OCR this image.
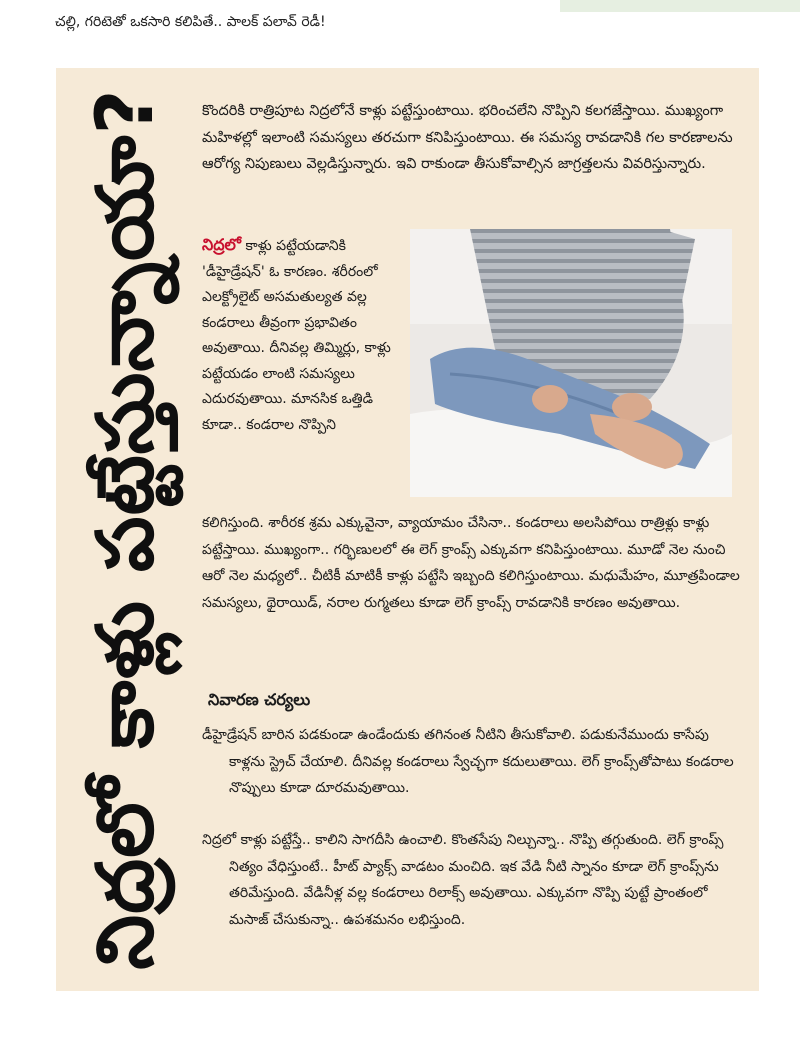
చల్లి, గరిటెతో ఒకసారి కలిపితే.. పాలక్ పలావ్ రెడీ!

నిద్రలో కాళ్లు పట్టేస్తున్నాయా? కొందరికి రాత్రిపూట నిద్రలోనే కాళ్లు పట్టేస్తుంటాయి. భరించలేని నొప్పిని కలగజేస్తాయి. ముఖ్యంగా మహిళల్లో ఇలాంటి సమస్యలు తరచుగా కనిపిస్తుంటాయి. ఈ సమస్య రావడానికి గల కారణాలను ఆరోగ్య నిపుణులు వెల్లడిస్తున్నారు. ఇవి రాకుండా తీసుకోవాల్సిన జాగ్రత్తలను వివరిస్తున్నారు.

నిద్రలో కాళ్లు పట్టేయడానికి 'డీహైడ్రేషన్' ఓ కారణం. శరీరంలో ఎలక్ట్రోలైట్ అసమతుల్యత వల్ల కండరాలు తీవ్రంగా ప్రభావితం అవుతాయి. దీనివల్ల తిమ్మిర్లు, కాళ్లు పట్టేయడం లాంటి సమస్యలు ఎదురవుతాయి. మానసిక ఒత్తిడి కూడా.. కండరాల నొప్పిని

కలిగిస్తుంది. శారీరక శ్రమ ఎక్కువైనా, వ్యాయామం చేసినా.. కండరాలు అలసిపోయి రాత్రిళ్లు కాళ్లు పట్టేస్తాయి. ముఖ్యంగా.. గర్భిణులలో ఈ లెగ్ క్రాంప్స్ ఎక్కువగా కనిపిస్తుంటాయి. మూడో నెల నుంచి ఆరో నెల మధ్యలో.. చీటికీ మాటికీ కాళ్లు పట్టేసి ఇబ్బంది కలిగిస్తుంటాయి. మధుమేహం, మూత్రపిండాల సమస్యలు, థైరాయిడ్, నరాల రుగ్మతలు కూడా లెగ్ క్రాంప్స్ రావడానికి కారణం అవుతాయి.

నివారణ చర్యలు

డీహైడ్రేషన్ బారిన పడకుండా ఉండేందుకు తగినంత నీటిని తీసుకోవాలి. పడుకునేముందు కాసేపు కాళ్లను స్ట్రెచ్ చేయాలి. దీనివల్ల కండరాలు స్వేచ్ఛగా కదులుతాయి. లెగ్ క్రాంప్స్‌తోపాటు కండరాల నొప్పులు కూడా దూరమవుతాయి.

నిద్రలో కాళ్లు పట్టేస్తే.. కాలిని సాగదీసి ఉంచాలి. కొంతసేపు నిల్చున్నా.. నొప్పి తగ్గుతుంది. లెగ్ క్రాంప్స్ నిత్యం వేధిస్తుంటే.. హీట్ ప్యాక్స్ వాడటం మంచిది. ఇక వేడి నీటి స్నానం కూడా లెగ్ క్రాంప్స్‌ను తరిమేస్తుంది. వేడినీళ్ల వల్ల కండరాలు రిలాక్స్ అవుతాయి. ఎక్కువగా నొప్పి పుట్టే ప్రాంతంలో మసాజ్ చేసుకున్నా.. ఉపశమనం లభిస్తుంది.
